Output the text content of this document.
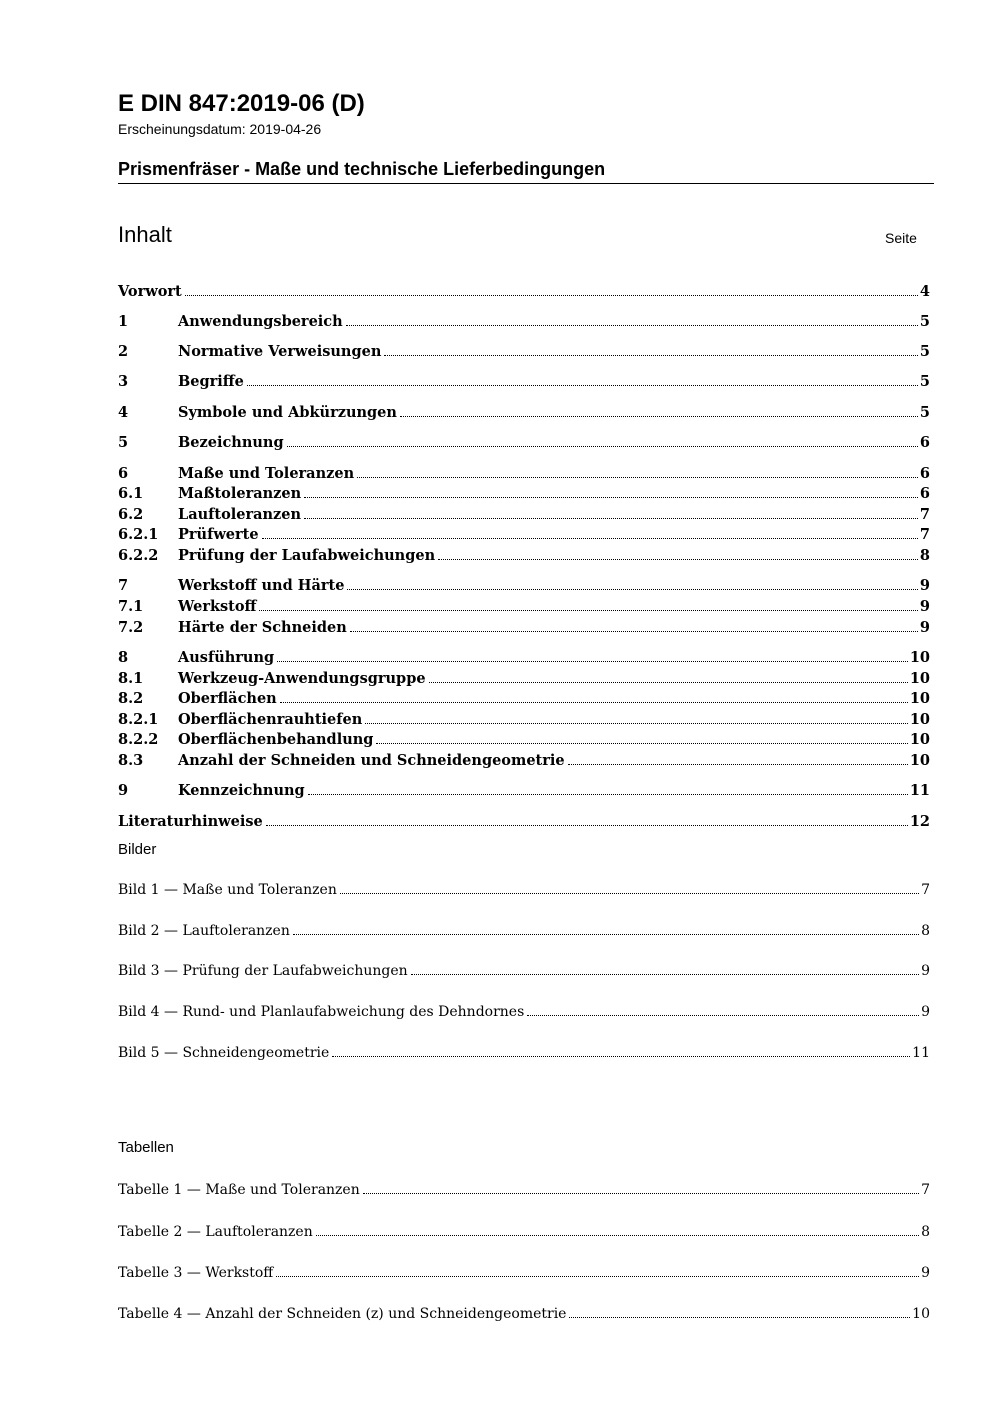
E DIN 847:2019-06 (D)
Erscheinungsdatum: 2019-04-26
Prismenfräser - Maße und technische Lieferbedingungen
Inhalt	Seite
Vorwort	4
1	Anwendungsbereich	5
2	Normative Verweisungen	5
3	Begriffe	5
4	Symbole und Abkürzungen	5
5	Bezeichnung	6
6	Maße und Toleranzen	6
6.1	Maßtoleranzen	6
6.2	Lauftoleranzen	7
6.2.1	Prüfwerte	7
6.2.2	Prüfung der Laufabweichungen	8
7	Werkstoff und Härte	9
7.1	Werkstoff	9
7.2	Härte der Schneiden	9
8	Ausführung	10
8.1	Werkzeug-Anwendungsgruppe	10
8.2	Oberflächen	10
8.2.1	Oberflächenrauhtiefen	10
8.2.2	Oberflächenbehandlung	10
8.3	Anzahl der Schneiden und Schneidengeometrie	10
9	Kennzeichnung	11
Literaturhinweise	12
Bilder
Bild 1 — Maße und Toleranzen	7
Bild 2 — Lauftoleranzen	8
Bild 3 — Prüfung der Laufabweichungen	9
Bild 4 — Rund- und Planlaufabweichung des Dehndornes	9
Bild 5 — Schneidengeometrie	11
Tabellen
Tabelle 1 — Maße und Toleranzen	7
Tabelle 2 — Lauftoleranzen	8
Tabelle 3 — Werkstoff	9
Tabelle 4 — Anzahl der Schneiden (z) und Schneidengeometrie	10
